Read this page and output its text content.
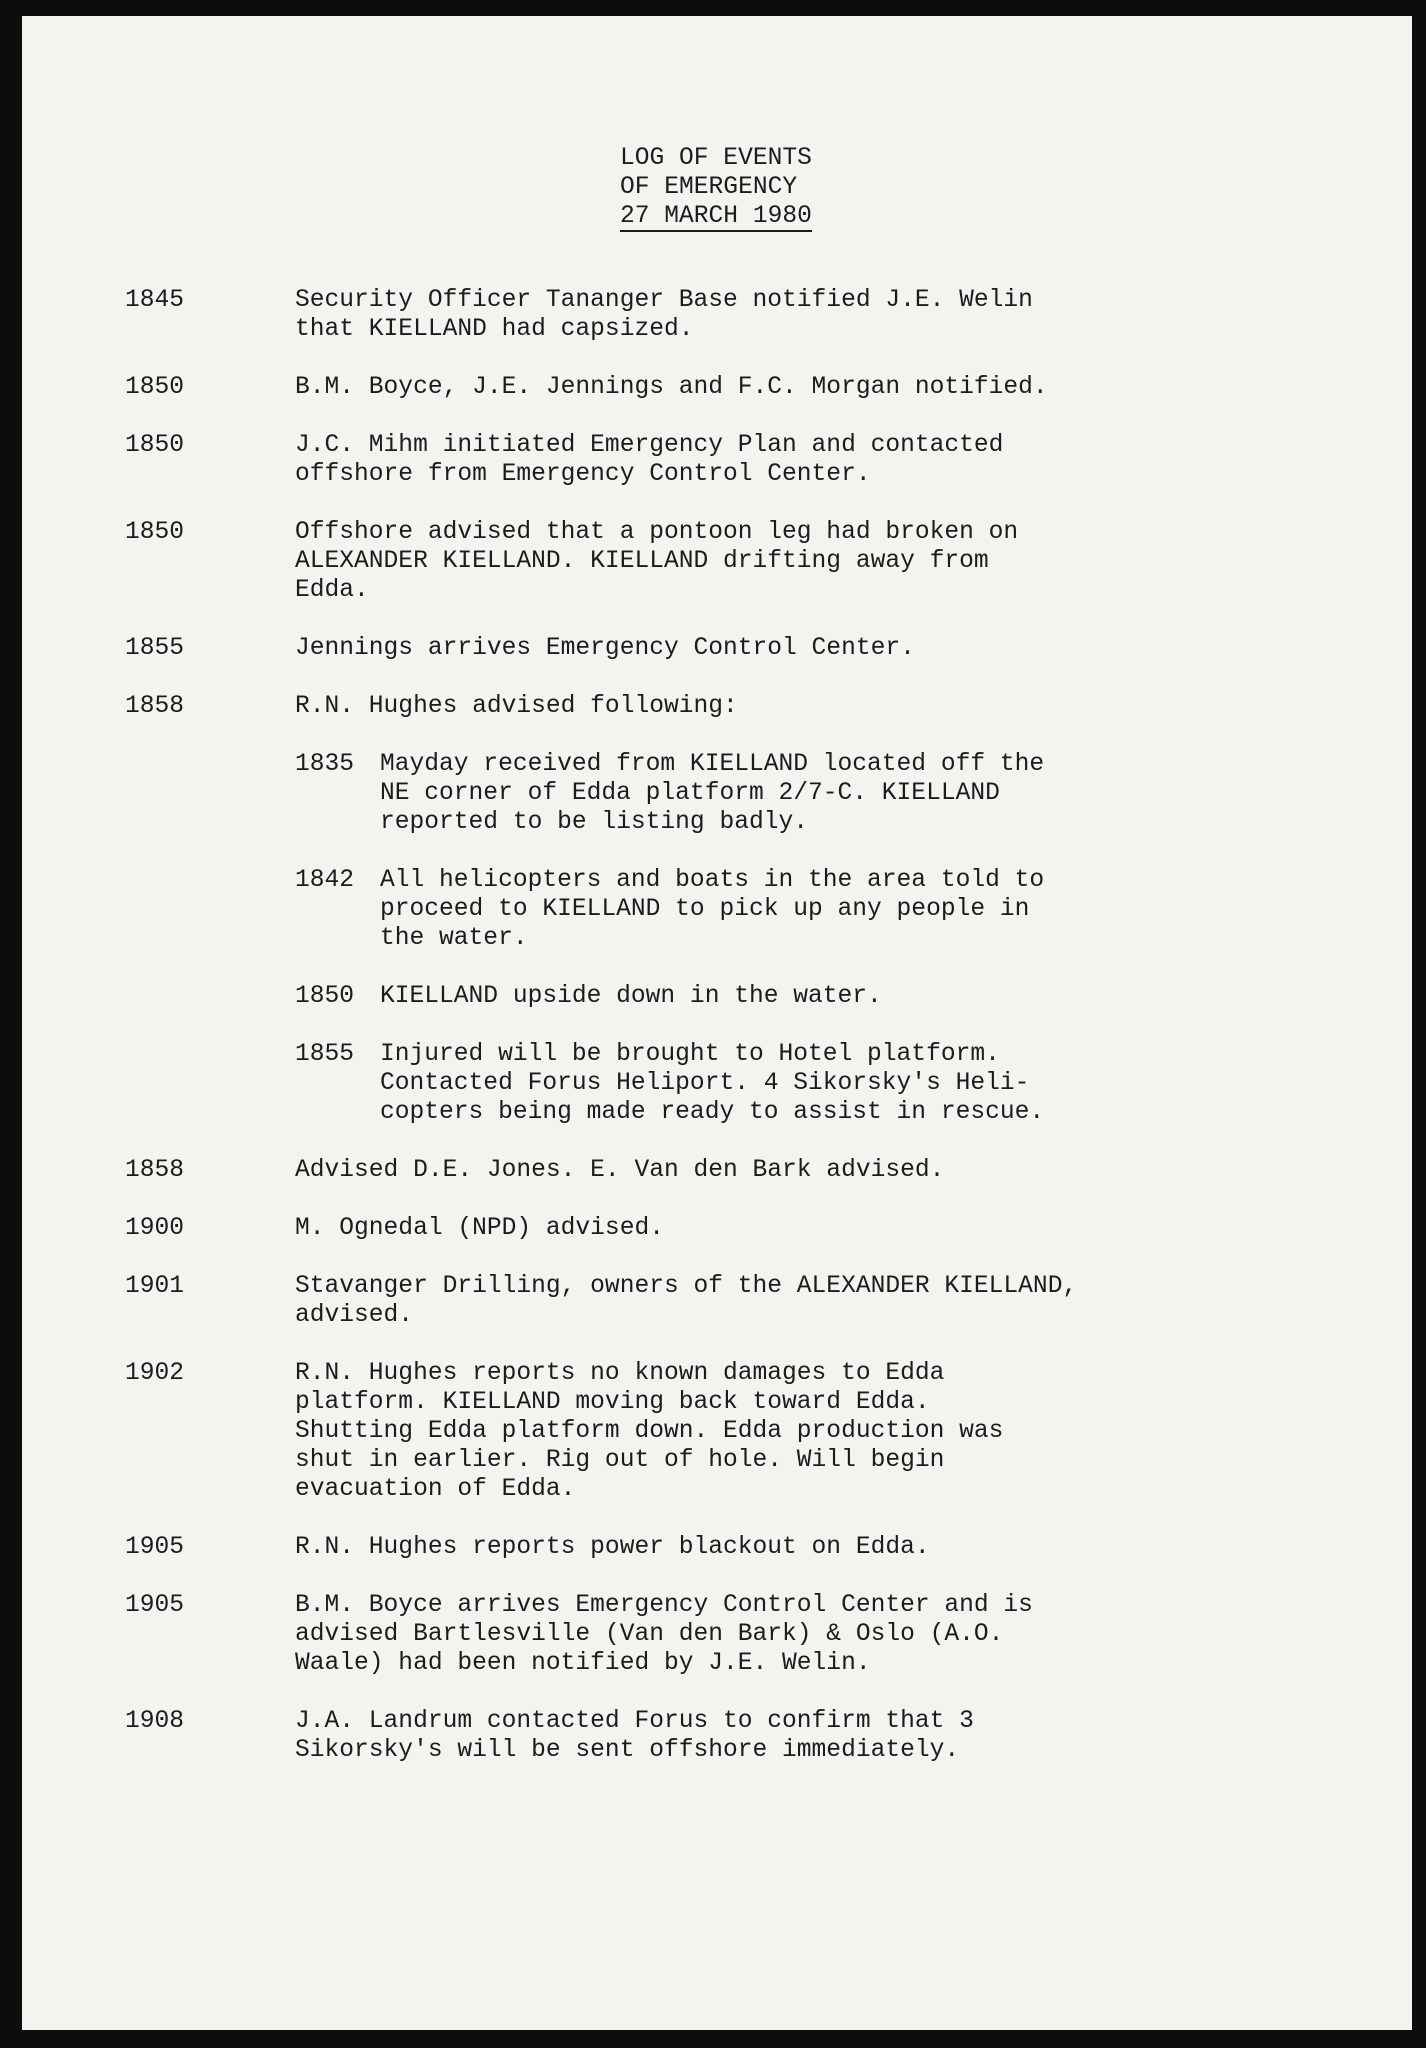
LOG OF EVENTS
OF EMERGENCY
27 MARCH 1980
1845	Security Officer Tananger Base notified J.E. Welin
that KIELLAND had capsized.
1850	B.M. Boyce, J.E. Jennings and F.C. Morgan notified.
1850	J.C. Mihm initiated Emergency Plan and contacted
offshore from Emergency Control Center.
1850	Offshore advised that a pontoon leg had broken on
ALEXANDER KIELLAND. KIELLAND drifting away from
Edda.
1855	Jennings arrives Emergency Control Center.
1858	R.N. Hughes advised following:
1835 Mayday received from KIELLAND located off the
NE corner of Edda platform 2/7-C. KIELLAND
reported to be listing badly.
1842 All helicopters and boats in the area told to
proceed to KIELLAND to pick up any people in
the water.
1850 KIELLAND upside down in the water.
1855 Injured will be brought to Hotel platform.
Contacted Forus Heliport. 4 Sikorsky's Heli-
copters being made ready to assist in rescue.
1858	Advised D.E. Jones. E. Van den Bark advised.
1900	M. Ognedal (NPD) advised.
1901	Stavanger Drilling, owners of the ALEXANDER KIELLAND,
advised.
1902	R.N. Hughes reports no known damages to Edda
platform. KIELLAND moving back toward Edda.
Shutting Edda platform down. Edda production was
shut in earlier. Rig out of hole. Will begin
evacuation of Edda.
1905	R.N. Hughes reports power blackout on Edda.
1905	B.M. Boyce arrives Emergency Control Center and is
advised Bartlesville (Van den Bark) & Oslo (A.O.
Waale) had been notified by J.E. Welin.
1908	J.A. Landrum contacted Forus to confirm that 3
Sikorsky's will be sent offshore immediately.
